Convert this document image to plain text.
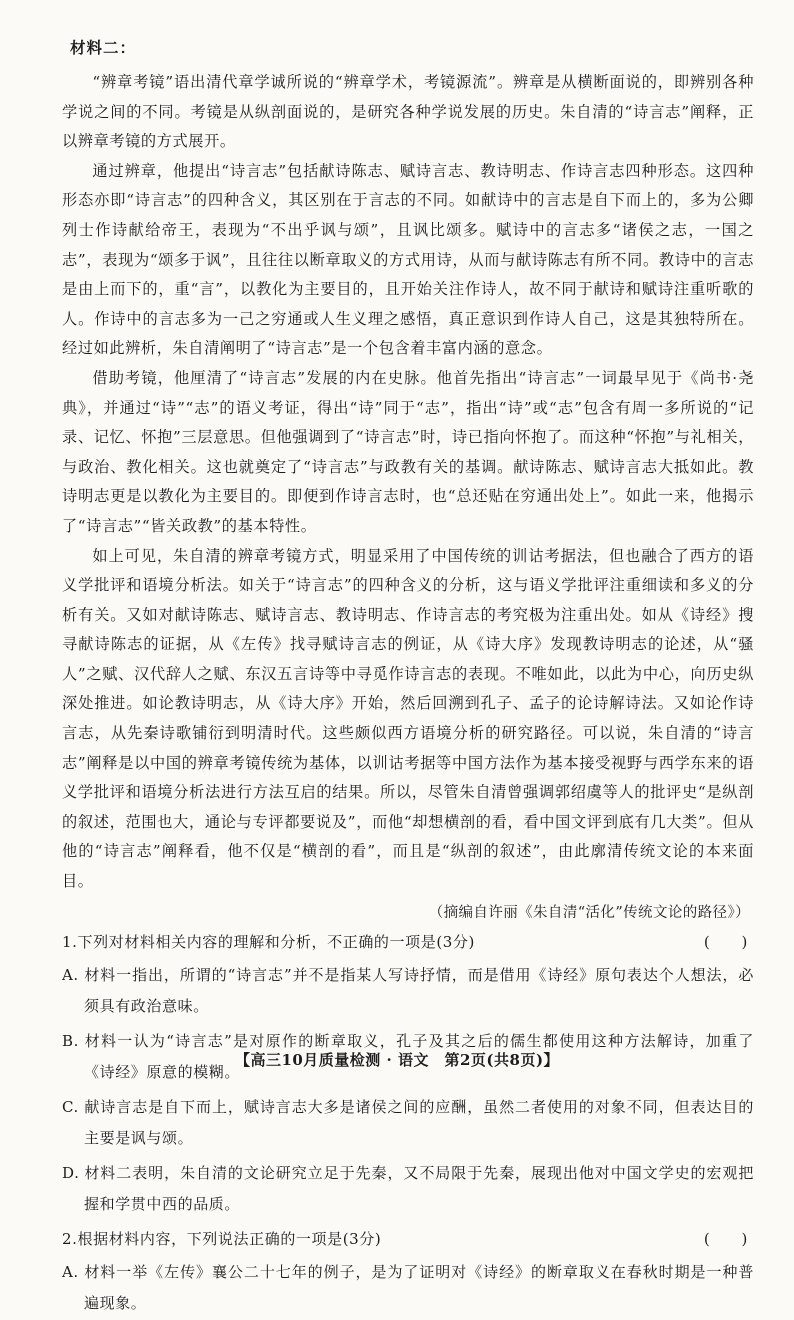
材料二：

“辨章考镜”语出清代章学诚所说的“辨章学术，考镜源流”。辨章是从横断面说的，即辨别各种学说之间的不同。考镜是从纵剖面说的，是研究各种学说发展的历史。朱自清的“诗言志”阐释，正以辨章考镜的方式展开。

通过辨章，他提出“诗言志”包括献诗陈志、赋诗言志、教诗明志、作诗言志四种形态。这四种形态亦即“诗言志”的四种含义，其区别在于言志的不同。如献诗中的言志是自下而上的，多为公卿列士作诗献给帝王，表现为“不出乎讽与颂”，且讽比颂多。赋诗中的言志多“诸侯之志，一国之志”，表现为“颂多于讽”，且往往以断章取义的方式用诗，从而与献诗陈志有所不同。教诗中的言志是由上而下的，重“言”，以教化为主要目的，且开始关注作诗人，故不同于献诗和赋诗注重听歌的人。作诗中的言志多为一己之穷通或人生义理之感悟，真正意识到作诗人自己，这是其独特所在。经过如此辨析，朱自清阐明了“诗言志”是一个包含着丰富内涵的意念。

借助考镜，他厘清了“诗言志”发展的内在史脉。他首先指出“诗言志”一词最早见于《尚书·尧典》，并通过“诗”“志”的语义考证，得出“诗”同于“志”，指出“诗”或“志”包含有周一多所说的“记录、记忆、怀抱”三层意思。但他强调到了“诗言志”时，诗已指向怀抱了。而这种“怀抱”与礼相关，与政治、教化相关。这也就奠定了“诗言志”与政教有关的基调。献诗陈志、赋诗言志大抵如此。教诗明志更是以教化为主要目的。即便到作诗言志时，也“总还贴在穷通出处上”。如此一来，他揭示了“诗言志”“皆关政教”的基本特性。

如上可见，朱自清的辨章考镜方式，明显采用了中国传统的训诂考据法，但也融合了西方的语义学批评和语境分析法。如关于“诗言志”的四种含义的分析，这与语义学批评注重细读和多义的分析有关。又如对献诗陈志、赋诗言志、教诗明志、作诗言志的考究极为注重出处。如从《诗经》搜寻献诗陈志的证据，从《左传》找寻赋诗言志的例证，从《诗大序》发现教诗明志的论述，从“骚人”之赋、汉代辞人之赋、东汉五言诗等中寻觅作诗言志的表现。不唯如此，以此为中心，向历史纵深处推进。如论教诗明志，从《诗大序》开始，然后回溯到孔子、孟子的论诗解诗法。又如论作诗言志，从先秦诗歌铺衍到明清时代。这些颇似西方语境分析的研究路径。可以说，朱自清的“诗言志”阐释是以中国的辨章考镜传统为基体，以训诂考据等中国方法作为基本接受视野与西学东来的语义学批评和语境分析法进行方法互启的结果。所以，尽管朱自清曾强调郭绍虞等人的批评史“是纵剖的叙述，范围也大，通论与专评都要说及”，而他“却想横剖的看，看中国文评到底有几大类”。但从他的“诗言志”阐释看，他不仅是“横剖的看”，而且是“纵剖的叙述”，由此廓清传统文论的本来面目。

（摘编自许丽《朱自清“活化”传统文论的路径》）
1.下列对材料相关内容的理解和分析，不正确的一项是(3分)	(　　)
A. 材料一指出，所谓的“诗言志”并不是指某人写诗抒情，而是借用《诗经》原句表达个人想法，必须具有政治意味。
B. 材料一认为“诗言志”是对原作的断章取义，孔子及其之后的儒生都使用这种方法解诗，加重了《诗经》原意的模糊。
C. 献诗言志是自下而上，赋诗言志大多是诸侯之间的应酬，虽然二者使用的对象不同，但表达目的主要是讽与颂。
D. 材料二表明，朱自清的文论研究立足于先秦，又不局限于先秦，展现出他对中国文学史的宏观把握和学贯中西的品质。
2.根据材料内容，下列说法正确的一项是(3分)	(　　)
A. 材料一举《左传》襄公二十七年的例子，是为了证明对《诗经》的断章取义在春秋时期是一种普遍现象。
【高三10月质量检测 · 语文　第2页(共8页)】
